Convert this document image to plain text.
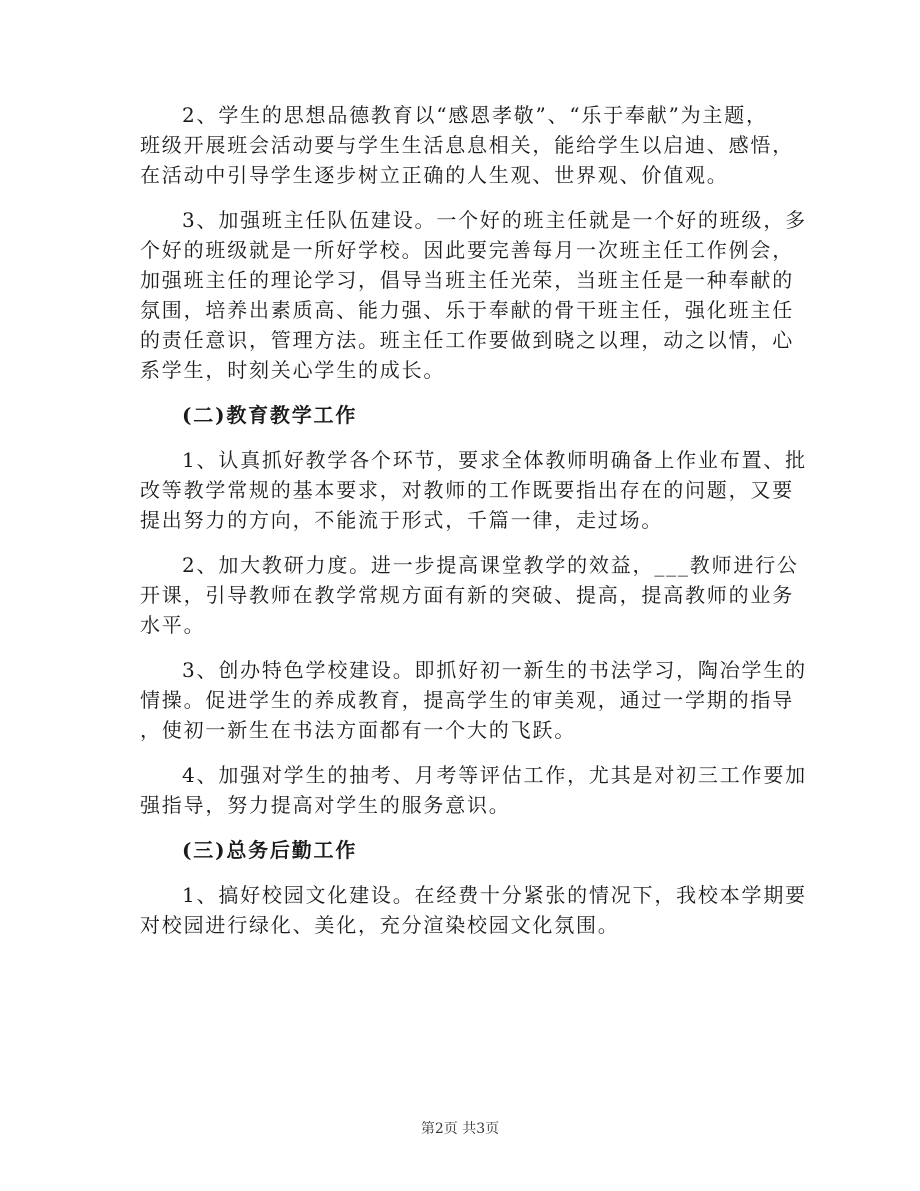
2、学生的思想品德教育以“感恩孝敬”、“乐于奉献”为主题，
班级开展班会活动要与学生生活息息相关，能给学生以启迪、感悟，
在活动中引导学生逐步树立正确的人生观、世界观、价值观。
3、加强班主任队伍建设。一个好的班主任就是一个好的班级，多
个好的班级就是一所好学校。因此要完善每月一次班主任工作例会，
加强班主任的理论学习，倡导当班主任光荣，当班主任是一种奉献的
氛围，培养出素质高、能力强、乐于奉献的骨干班主任，强化班主任
的责任意识，管理方法。班主任工作要做到晓之以理，动之以情，心
系学生，时刻关心学生的成长。
(二)教育教学工作
1、认真抓好教学各个环节，要求全体教师明确备上作业布置、批
改等教学常规的基本要求，对教师的工作既要指出存在的问题，又要
提出努力的方向，不能流于形式，千篇一律，走过场。
2、加大教研力度。进一步提高课堂教学的效益，___教师进行公
开课，引导教师在教学常规方面有新的突破、提高，提高教师的业务
水平。
3、创办特色学校建设。即抓好初一新生的书法学习，陶冶学生的
情操。促进学生的养成教育，提高学生的审美观，通过一学期的指导
，使初一新生在书法方面都有一个大的飞跃。
4、加强对学生的抽考、月考等评估工作，尤其是对初三工作要加
强指导，努力提高对学生的服务意识。
(三)总务后勤工作
1、搞好校园文化建设。在经费十分紧张的情况下，我校本学期要
对校园进行绿化、美化，充分渲染校园文化氛围。
第2页 共3页
